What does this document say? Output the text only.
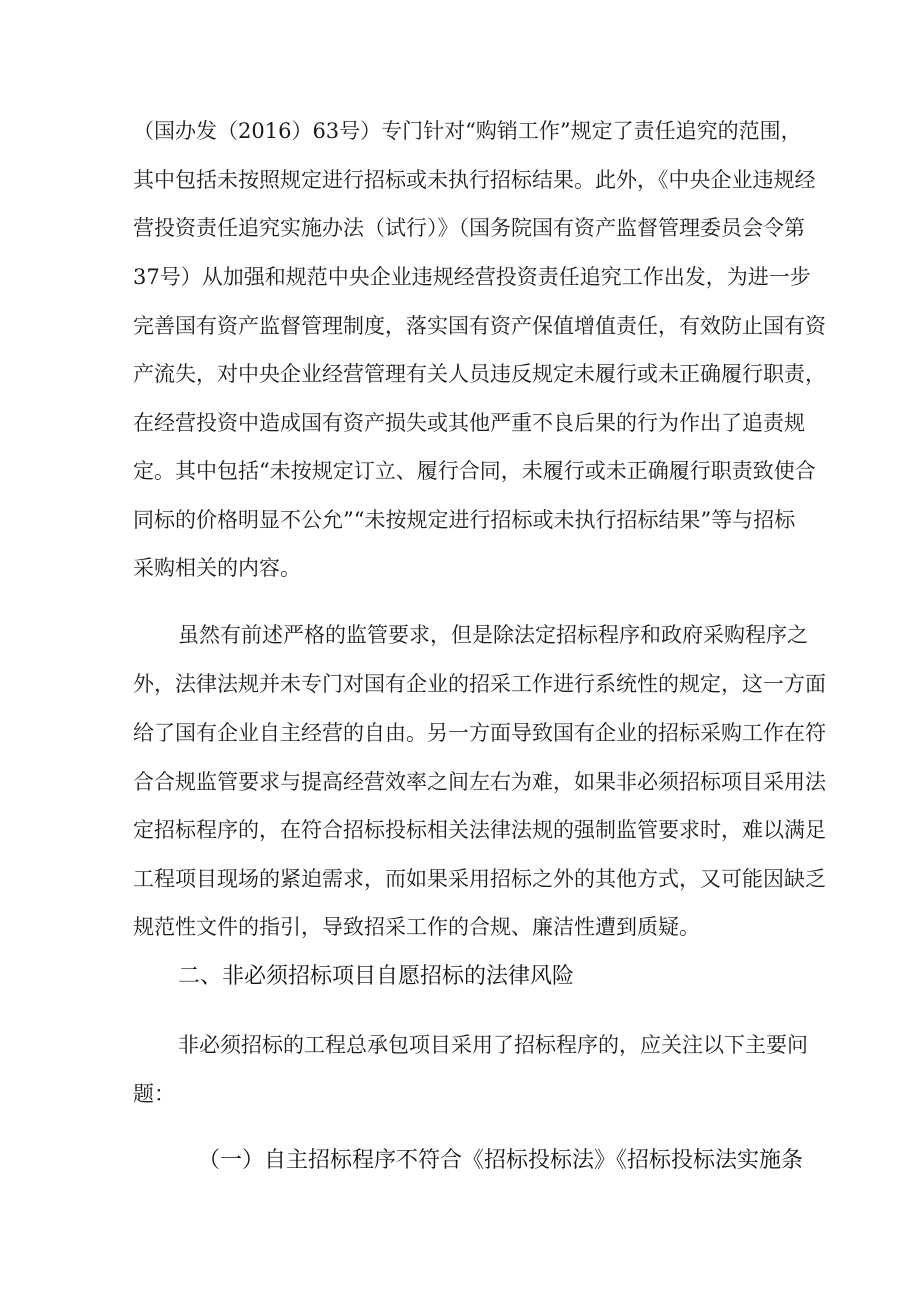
（国办发（2016）63号）专门针对“购销工作”规定了责任追究的范围，
其中包括未按照规定进行招标或未执行招标结果。此外，《中央企业违规经
营投资责任追究实施办法（试行）》（国务院国有资产监督管理委员会令第
37号）从加强和规范中央企业违规经营投资责任追究工作出发，为进一步
完善国有资产监督管理制度，落实国有资产保值增值责任，有效防止国有资
产流失，对中央企业经营管理有关人员违反规定未履行或未正确履行职责，
在经营投资中造成国有资产损失或其他严重不良后果的行为作出了追责规
定。其中包括“未按规定订立、履行合同，未履行或未正确履行职责致使合
同标的价格明显不公允”“未按规定进行招标或未执行招标结果”等与招标
采购相关的内容。
虽然有前述严格的监管要求，但是除法定招标程序和政府采购程序之
外，法律法规并未专门对国有企业的招采工作进行系统性的规定，这一方面
给了国有企业自主经营的自由。另一方面导致国有企业的招标采购工作在符
合合规监管要求与提高经营效率之间左右为难，如果非必须招标项目采用法
定招标程序的，在符合招标投标相关法律法规的强制监管要求时，难以满足
工程项目现场的紧迫需求，而如果采用招标之外的其他方式，又可能因缺乏
规范性文件的指引，导致招采工作的合规、廉洁性遭到质疑。
二、非必须招标项目自愿招标的法律风险
非必须招标的工程总承包项目采用了招标程序的，应关注以下主要问
题：
（一）自主招标程序不符合《招标投标法》《招标投标法实施条
